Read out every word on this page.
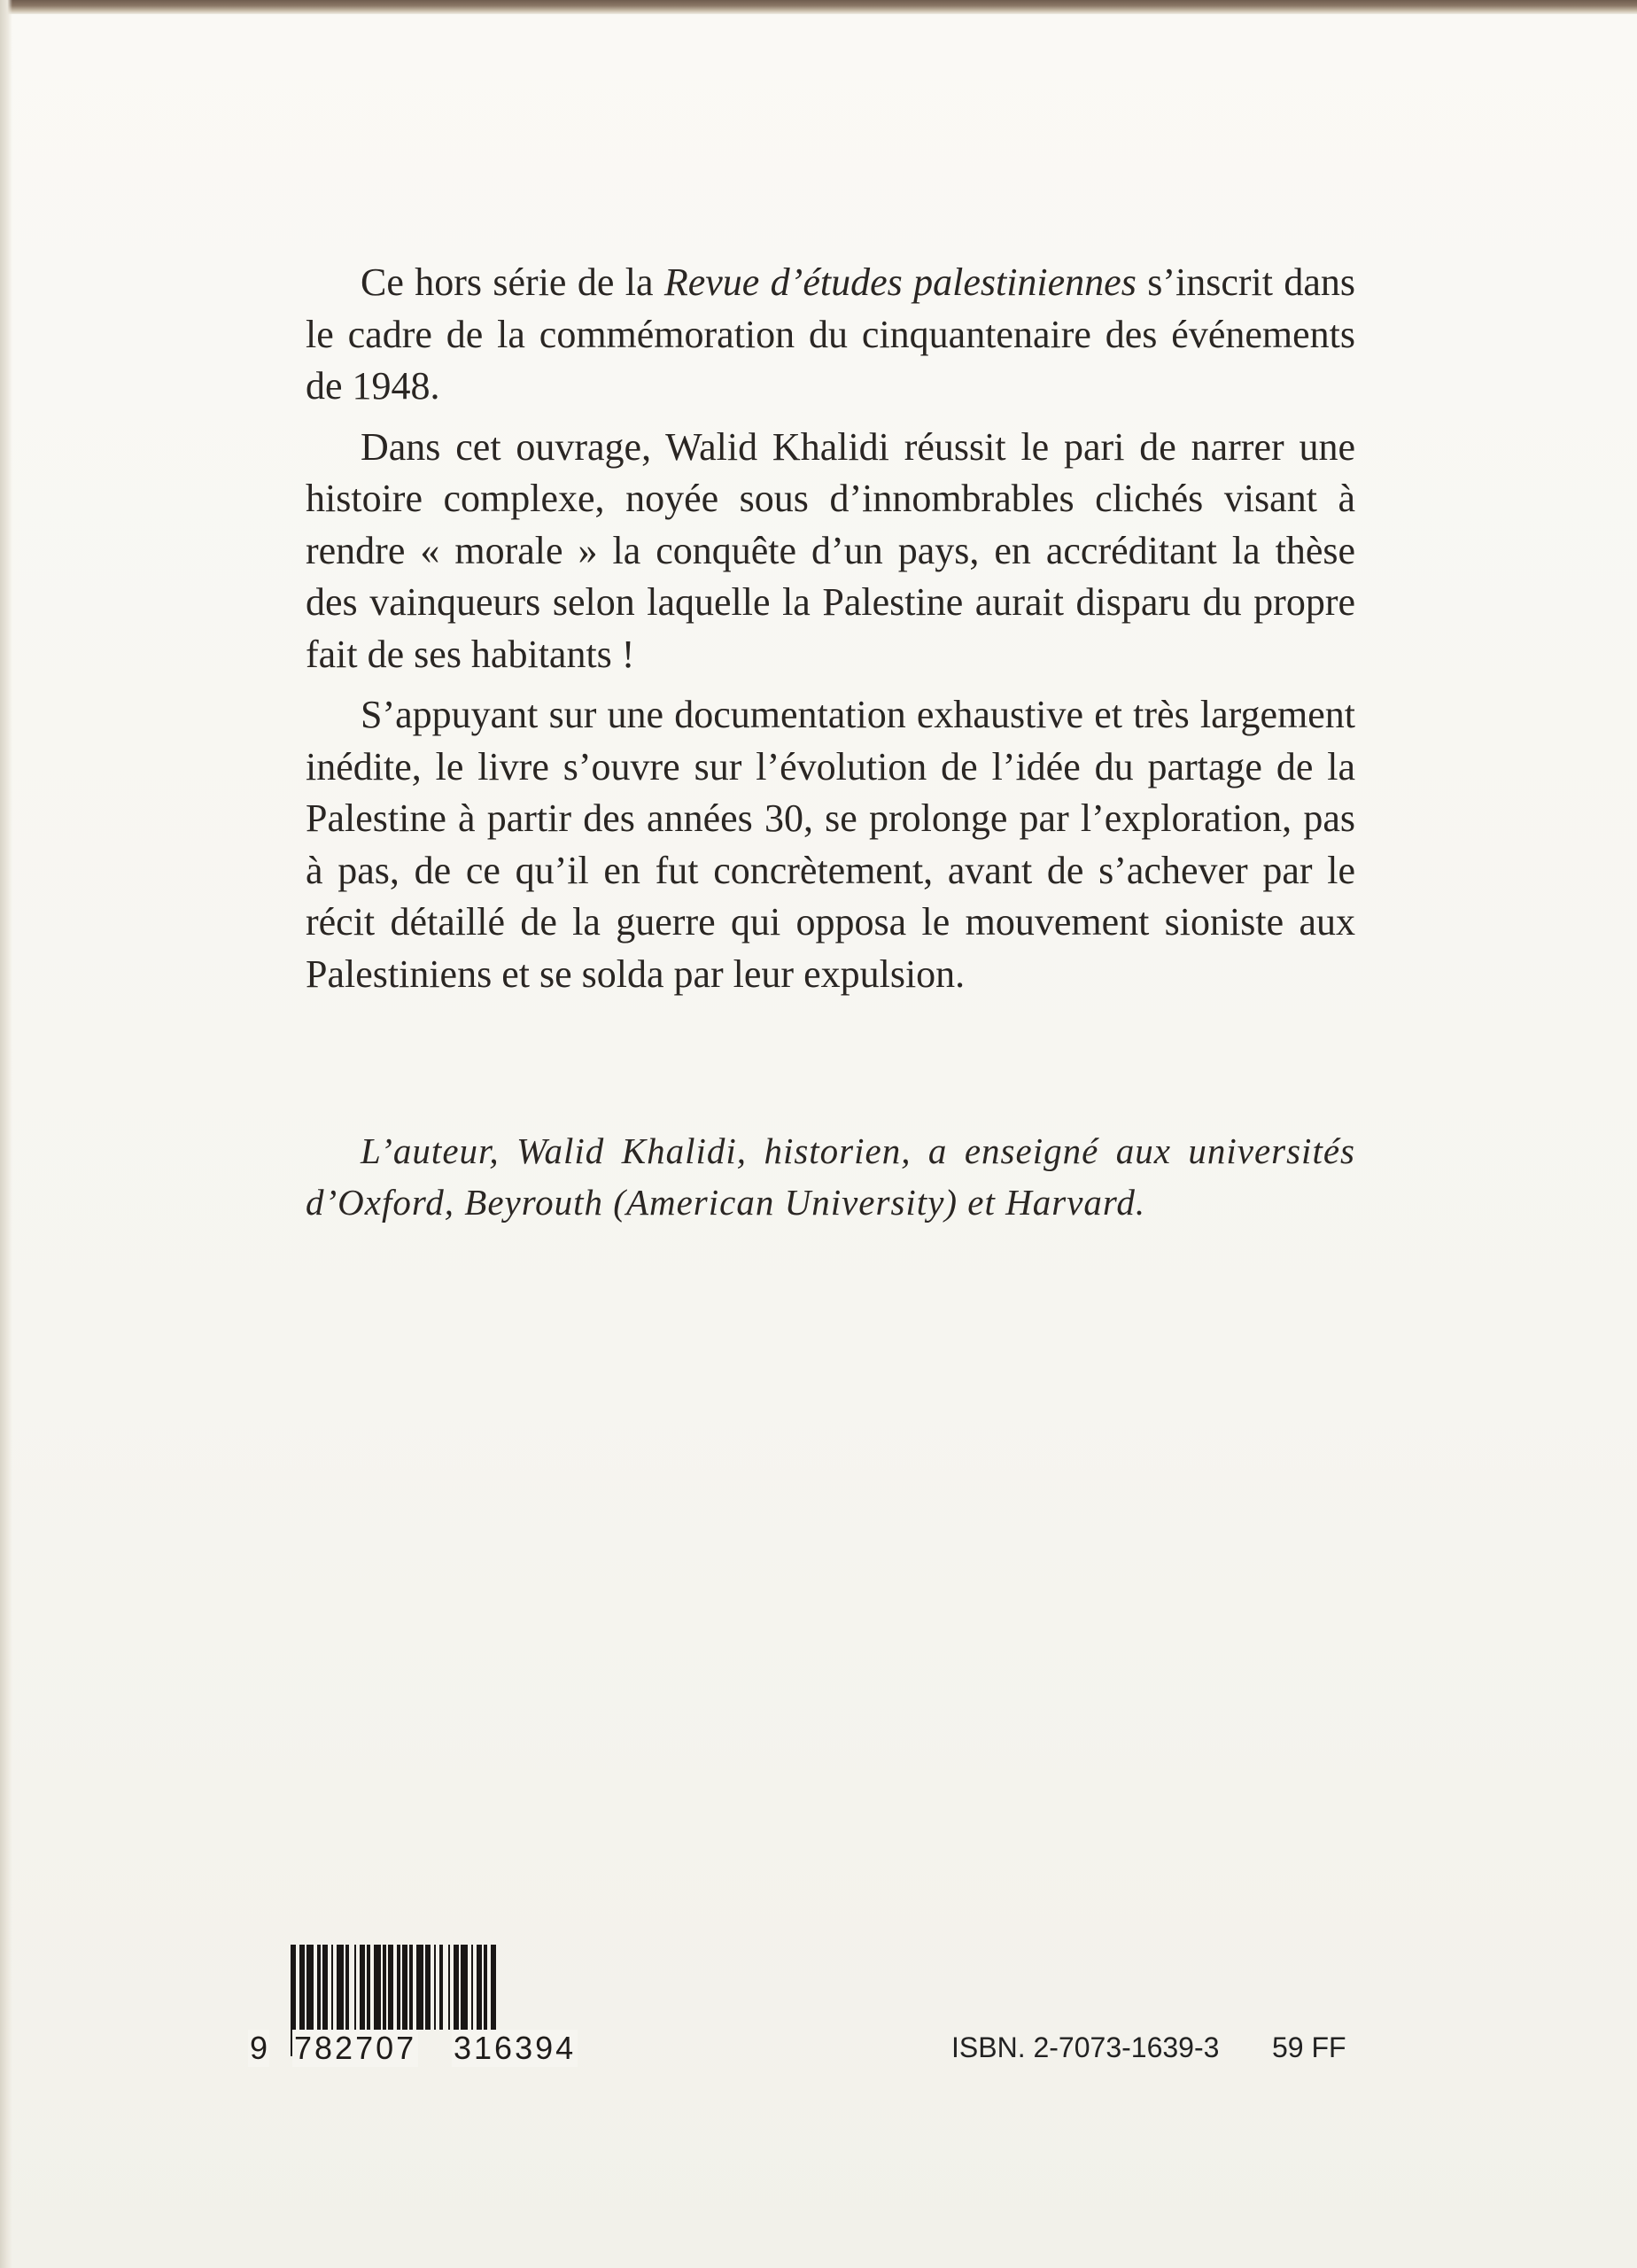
Ce hors série de la Revue d’études palestiniennes s’inscrit dans le cadre de la commémoration du cinquantenaire des événements de 1948.

Dans cet ouvrage, Walid Khalidi réussit le pari de narrer une histoire complexe, noyée sous d’innombrables clichés visant à rendre « morale » la conquête d’un pays, en accréditant la thèse des vainqueurs selon laquelle la Palestine aurait disparu du propre fait de ses habitants !

S’appuyant sur une documentation exhaustive et très largement inédite, le livre s’ouvre sur l’évolution de l’idée du partage de la Palestine à partir des années 30, se prolonge par l’exploration, pas à pas, de ce qu’il en fut concrètement, avant de s’achever par le récit détaillé de la guerre qui opposa le mouvement sioniste aux Palestiniens et se solda par leur expulsion.

L’auteur, Walid Khalidi, historien, a enseigné aux universités d’Oxford, Beyrouth (American University) et Harvard.

9 782707 316394	ISBN. 2-7073-1639-3 59 FF
